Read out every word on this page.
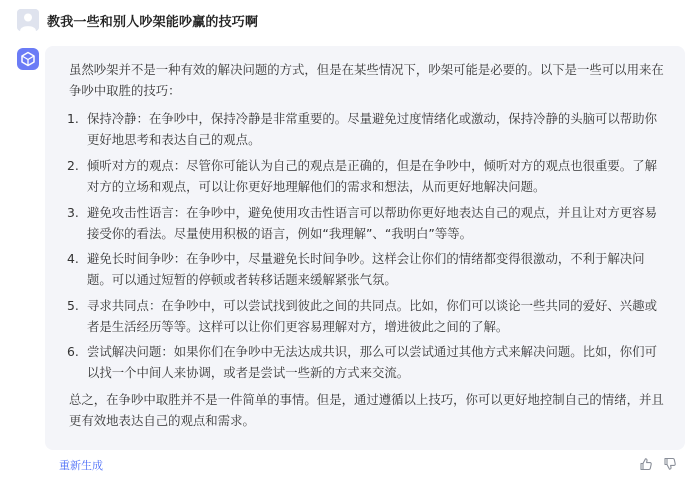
教我一些和别人吵架能吵赢的技巧啊
虽然吵架并不是一种有效的解决问题的方式，但是在某些情况下，吵架可能是必要的。以下是一些可以用来在争吵中取胜的技巧：
1. 保持冷静：在争吵中，保持冷静是非常重要的。尽量避免过度情绪化或激动，保持冷静的头脑可以帮助你更好地思考和表达自己的观点。
2. 倾听对方的观点：尽管你可能认为自己的观点是正确的，但是在争吵中，倾听对方的观点也很重要。了解对方的立场和观点，可以让你更好地理解他们的需求和想法，从而更好地解决问题。
3. 避免攻击性语言：在争吵中，避免使用攻击性语言可以帮助你更好地表达自己的观点，并且让对方更容易接受你的看法。尽量使用积极的语言，例如“我理解”、“我明白”等等。
4. 避免长时间争吵：在争吵中，尽量避免长时间争吵。这样会让你们的情绪都变得很激动，不利于解决问题。可以通过短暂的停顿或者转移话题来缓解紧张气氛。
5. 寻求共同点：在争吵中，可以尝试找到彼此之间的共同点。比如，你们可以谈论一些共同的爱好、兴趣或者是生活经历等等。这样可以让你们更容易理解对方，增进彼此之间的了解。
6. 尝试解决问题：如果你们在争吵中无法达成共识，那么可以尝试通过其他方式来解决问题。比如，你们可以找一个中间人来协调，或者是尝试一些新的方式来交流。
总之，在争吵中取胜并不是一件简单的事情。但是，通过遵循以上技巧，你可以更好地控制自己的情绪，并且更有效地表达自己的观点和需求。
重新生成
